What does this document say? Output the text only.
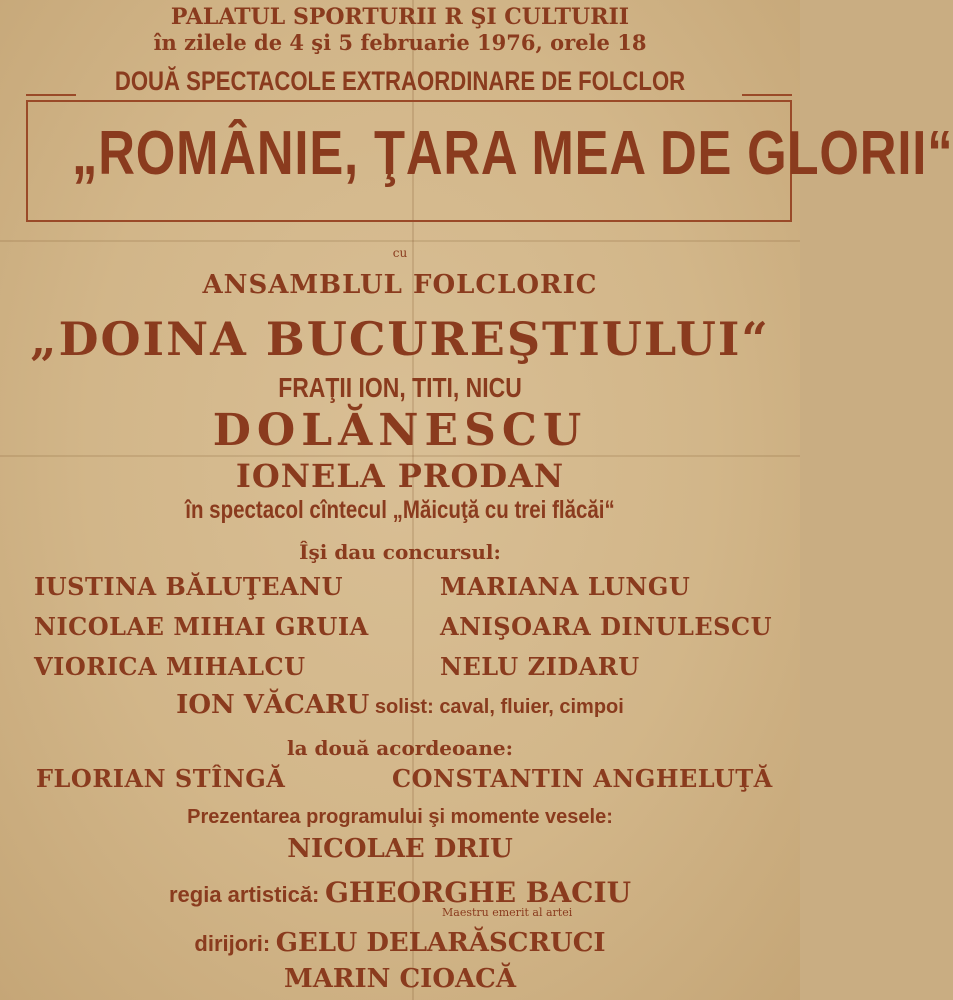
PALATUL SPORTURII R ŞI CULTURII
în zilele de 4 şi 5 februarie 1976, orele 18
DOUĂ SPECTACOLE EXTRAORDINARE DE FOLCLOR
„ROMÂNIE, ŢARA MEA DE GLORII“
cu
ANSAMBLUL FOLCLORIC
„DOINA BUCUREŞTIULUI“
FRAŢII ION, TITI, NICU
DOLĂNESCU
IONELA PRODAN
în spectacol cîntecul „Măicuţă cu trei flăcăi“
Îşi dau concursul:
IUSTINA BĂLUŢEANU
NICOLAE MIHAI GRUIA
VIORICA MIHALCU
MARIANA LUNGU
ANIŞOARA DINULESCU
NELU ZIDARU
ION VĂCARU solist: caval, fluier, cimpoi
la două acordeoane:
FLORIAN STÎNGĂ	CONSTANTIN ANGHELUŢĂ
Prezentarea programului şi momente vesele:
NICOLAE DRIU
regia artistică: GHEORGHE BACIU
Maestru emerit al artei
dirijori: GELU DELARĂSCRUCI
MARIN CIOACĂ
